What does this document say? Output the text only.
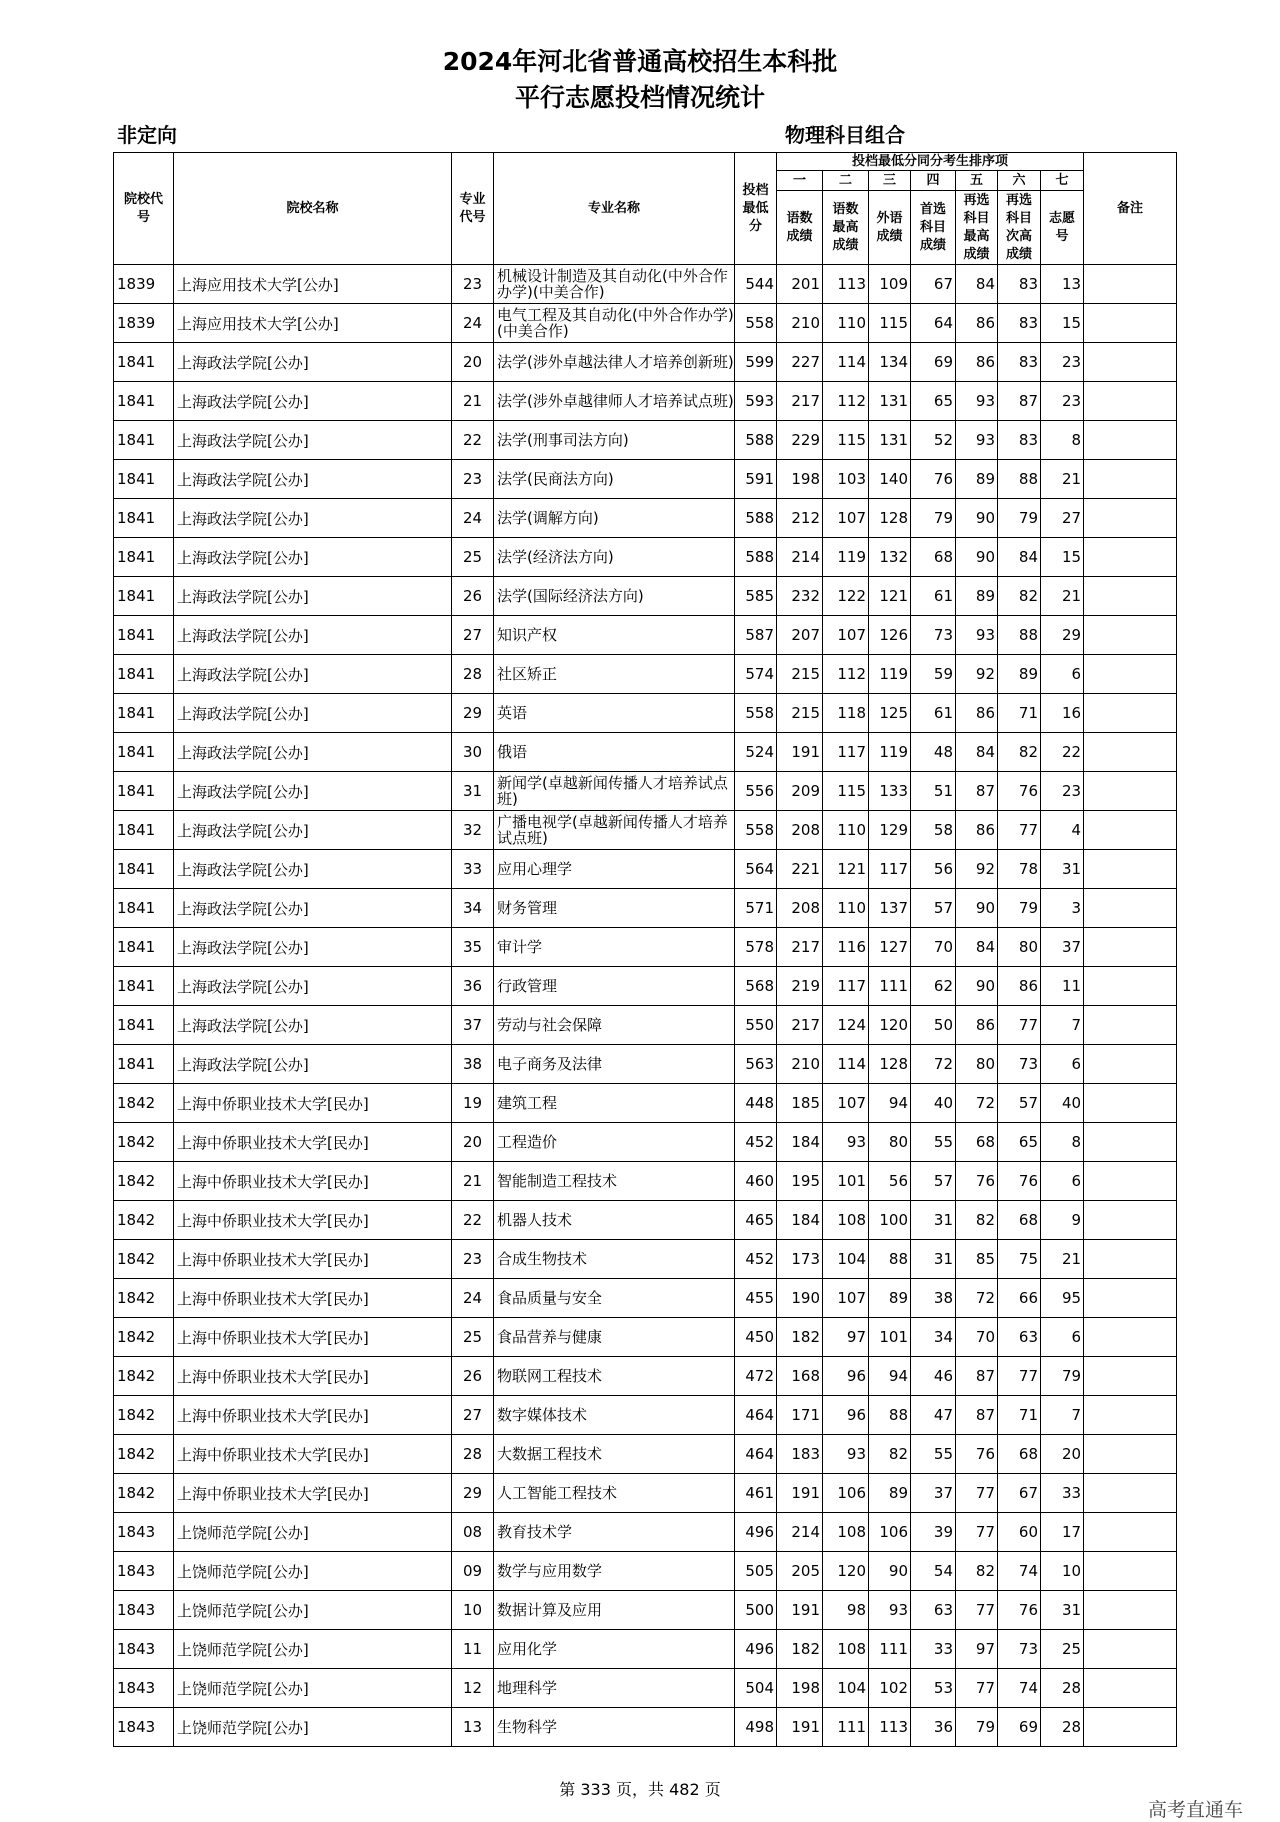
2024年河北省普通高校招生本科批
平行志愿投档情况统计
非定向	物理科目组合
院校代号	院校名称	专业代号	专业名称	投档最低分	投档最低分同分考生排序项							备注
					一	二	三	四	五	六	七	
					语数成绩	语数最高成绩	外语成绩	首选科目成绩	再选科目最高成绩	再选科目次高成绩	志愿号	
1839	上海应用技术大学[公办]	23	机械设计制造及其自动化(中外合作办学)(中美合作)	544	201	113	109	67	84	83	13	
1839	上海应用技术大学[公办]	24	电气工程及其自动化(中外合作办学)(中美合作)	558	210	110	115	64	86	83	15	
1841	上海政法学院[公办]	20	法学(涉外卓越法律人才培养创新班)	599	227	114	134	69	86	83	23	
1841	上海政法学院[公办]	21	法学(涉外卓越律师人才培养试点班)	593	217	112	131	65	93	87	23	
1841	上海政法学院[公办]	22	法学(刑事司法方向)	588	229	115	131	52	93	83	8	
1841	上海政法学院[公办]	23	法学(民商法方向)	591	198	103	140	76	89	88	21	
1841	上海政法学院[公办]	24	法学(调解方向)	588	212	107	128	79	90	79	27	
1841	上海政法学院[公办]	25	法学(经济法方向)	588	214	119	132	68	90	84	15	
1841	上海政法学院[公办]	26	法学(国际经济法方向)	585	232	122	121	61	89	82	21	
1841	上海政法学院[公办]	27	知识产权	587	207	107	126	73	93	88	29	
1841	上海政法学院[公办]	28	社区矫正	574	215	112	119	59	92	89	6	
1841	上海政法学院[公办]	29	英语	558	215	118	125	61	86	71	16	
1841	上海政法学院[公办]	30	俄语	524	191	117	119	48	84	82	22	
1841	上海政法学院[公办]	31	新闻学(卓越新闻传播人才培养试点班)	556	209	115	133	51	87	76	23	
1841	上海政法学院[公办]	32	广播电视学(卓越新闻传播人才培养试点班)	558	208	110	129	58	86	77	4	
1841	上海政法学院[公办]	33	应用心理学	564	221	121	117	56	92	78	31	
1841	上海政法学院[公办]	34	财务管理	571	208	110	137	57	90	79	3	
1841	上海政法学院[公办]	35	审计学	578	217	116	127	70	84	80	37	
1841	上海政法学院[公办]	36	行政管理	568	219	117	111	62	90	86	11	
1841	上海政法学院[公办]	37	劳动与社会保障	550	217	124	120	50	86	77	7	
1841	上海政法学院[公办]	38	电子商务及法律	563	210	114	128	72	80	73	6	
1842	上海中侨职业技术大学[民办]	19	建筑工程	448	185	107	94	40	72	57	40	
1842	上海中侨职业技术大学[民办]	20	工程造价	452	184	93	80	55	68	65	8	
1842	上海中侨职业技术大学[民办]	21	智能制造工程技术	460	195	101	56	57	76	76	6	
1842	上海中侨职业技术大学[民办]	22	机器人技术	465	184	108	100	31	82	68	9	
1842	上海中侨职业技术大学[民办]	23	合成生物技术	452	173	104	88	31	85	75	21	
1842	上海中侨职业技术大学[民办]	24	食品质量与安全	455	190	107	89	38	72	66	95	
1842	上海中侨职业技术大学[民办]	25	食品营养与健康	450	182	97	101	34	70	63	6	
1842	上海中侨职业技术大学[民办]	26	物联网工程技术	472	168	96	94	46	87	77	79	
1842	上海中侨职业技术大学[民办]	27	数字媒体技术	464	171	96	88	47	87	71	7	
1842	上海中侨职业技术大学[民办]	28	大数据工程技术	464	183	93	82	55	76	68	20	
1842	上海中侨职业技术大学[民办]	29	人工智能工程技术	461	191	106	89	37	77	67	33	
1843	上饶师范学院[公办]	08	教育技术学	496	214	108	106	39	77	60	17	
1843	上饶师范学院[公办]	09	数学与应用数学	505	205	120	90	54	82	74	10	
1843	上饶师范学院[公办]	10	数据计算及应用	500	191	98	93	63	77	76	31	
1843	上饶师范学院[公办]	11	应用化学	496	182	108	111	33	97	73	25	
1843	上饶师范学院[公办]	12	地理科学	504	198	104	102	53	77	74	28	
1843	上饶师范学院[公办]	13	生物科学	498	191	111	113	36	79	69	28	
第 333 页，共 482 页
高考直通车
